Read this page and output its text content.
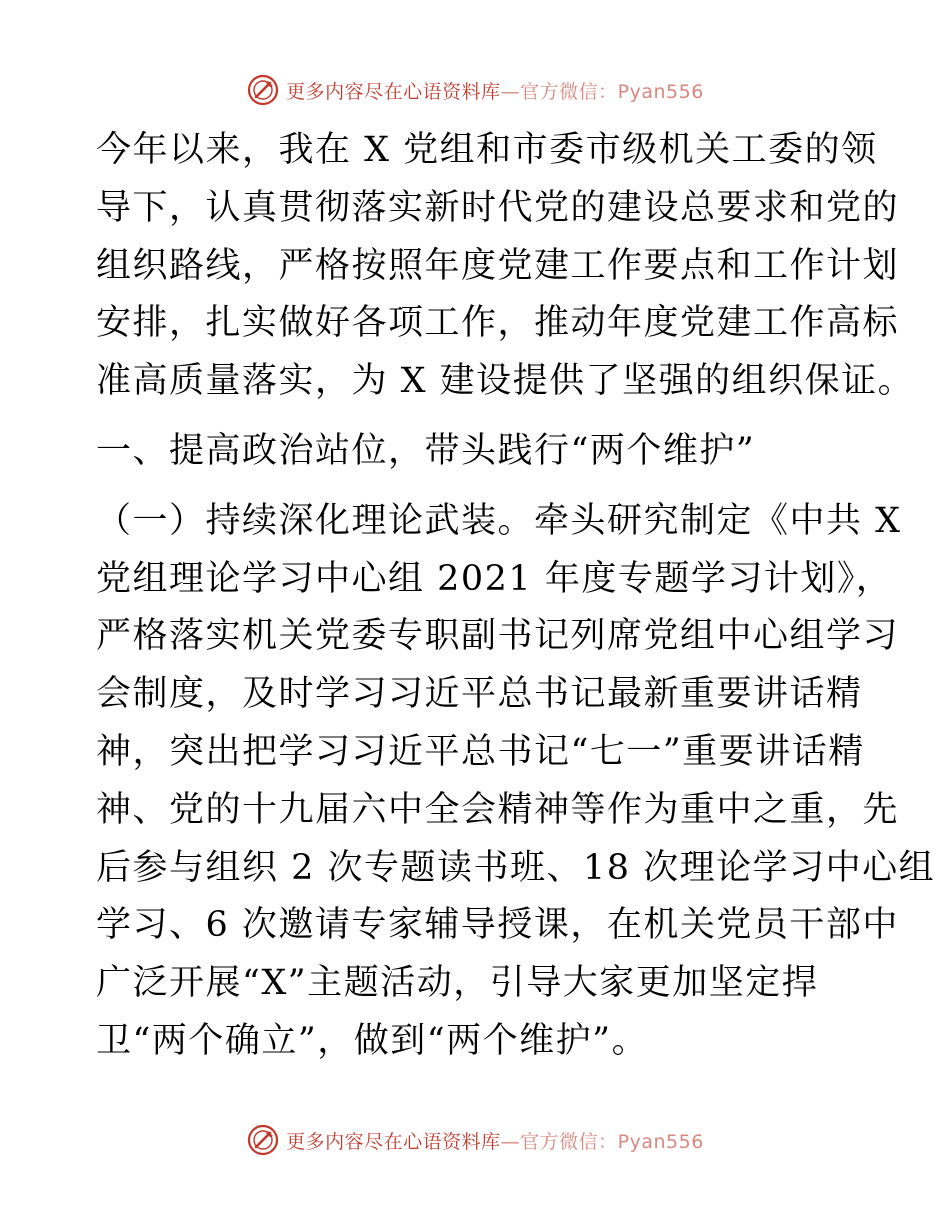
更多内容尽在心语资料库—官方微信：Pyan556
今年以来，我在 X 党组和市委市级机关工委的领
导下，认真贯彻落实新时代党的建设总要求和党的
组织路线，严格按照年度党建工作要点和工作计划
安排，扎实做好各项工作，推动年度党建工作高标
准高质量落实，为 X 建设提供了坚强的组织保证。
一、提高政治站位，带头践行“两个维护”
（一）持续深化理论武装。牵头研究制定《中共 X
党组理论学习中心组 2021 年度专题学习计划》，
严格落实机关党委专职副书记列席党组中心组学习
会制度，及时学习习近平总书记最新重要讲话精
神，突出把学习习近平总书记“七一”重要讲话精
神、党的十九届六中全会精神等作为重中之重，先
后参与组织 2 次专题读书班、18 次理论学习中心组
学习、6 次邀请专家辅导授课，在机关党员干部中
广泛开展“X”主题活动，引导大家更加坚定捍
卫“两个确立”，做到“两个维护”。
更多内容尽在心语资料库—官方微信：Pyan556
